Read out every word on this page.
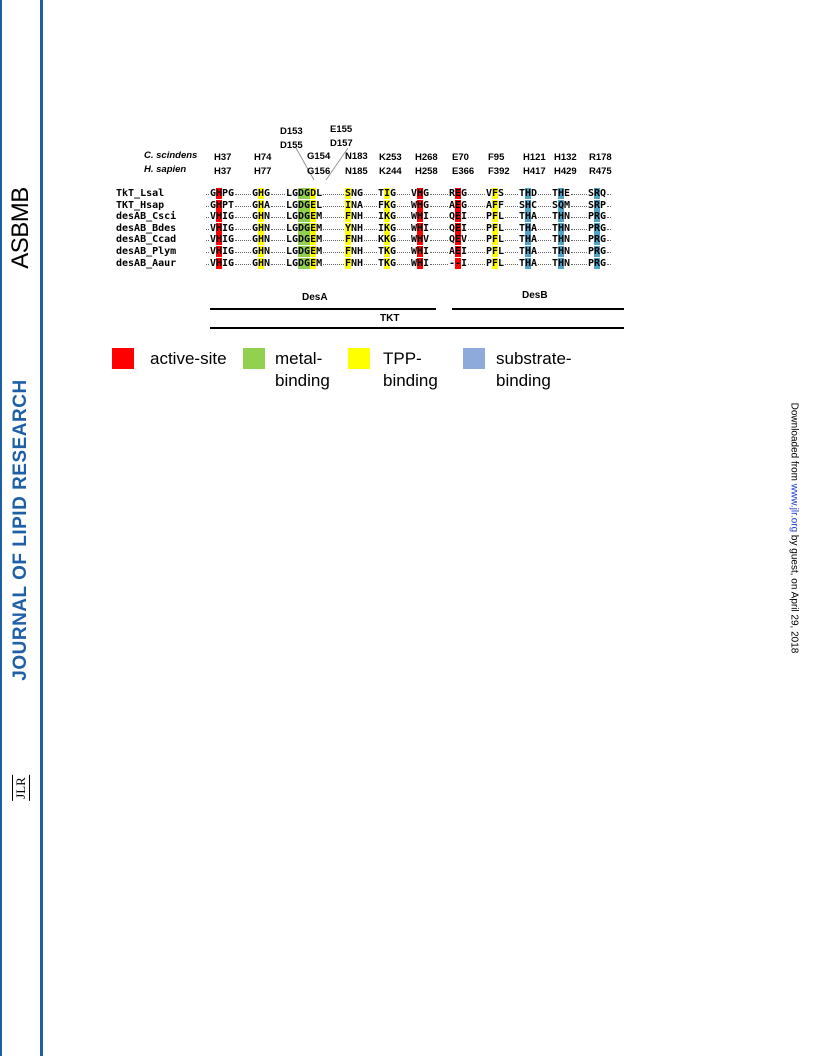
ASBMB
JOURNAL OF LIPID RESEARCH
JLR
Downloaded from www.jlr.org by guest, on April 29, 2018
D153	E155
D155	D157
C. scindens
H. sapien
H37 H74	G154 N183 K253 H268 E70 F95 H121 H132 R178
H37 H77	G156 N185 K244 H258 E366 F392 H417 H429 R475
TkT_Lsal	GHPG GHG LGDGDL SNG TIG VHG REG VFS THD THE SRQ
TKT_Hsap	GHPT GHA LGDGEL INA FKG WHG AEG AFF SHC SQM SRP
desAB_Csci	VHIG GHN LGDGEM FNH IKG WHI QEI PFL THA THN PRG
desAB_Bdes	VHIG GHN LGDGEM YNH IKG WHI QEI PFL THA THN PRG
desAB_Ccad	VHIG GHN LGDGEM FNH KKG WHV QEV PFL THA THN PRG
desAB_Plym	VHIG GHN LGDGEM FNH TKG WHI AEI PFL THA THN PRG
desAB_Aaur	VHIG GHN LGDGEM FNH TKG WHI --I PFL THA THN PRG
DesA	DesB
TKT
active-site	metal-
binding
TPP-
binding
substrate-
binding
